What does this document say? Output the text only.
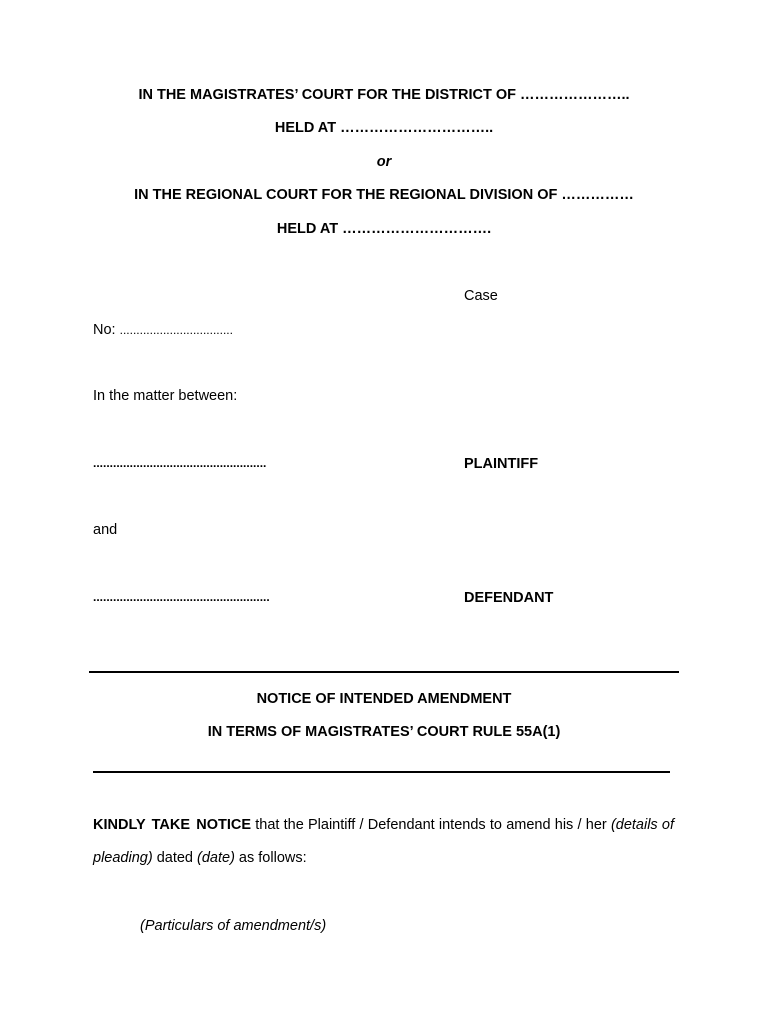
IN THE MAGISTRATES’ COURT FOR THE DISTRICT OF …………………..
HELD AT …………………………..
or
IN THE REGIONAL COURT FOR THE REGIONAL DIVISION OF ……………
HELD AT ………………………….
Case
No: ..................................
In the matter between:
....................................................	PLAINTIFF
and
.....................................................	DEFENDANT
NOTICE OF INTENDED AMENDMENT
IN TERMS OF MAGISTRATES’ COURT RULE 55A(1)
KINDLY TAKE NOTICE that the Plaintiff / Defendant intends to amend his / her (details of pleading) dated (date) as follows:
(Particulars of amendment/s)
